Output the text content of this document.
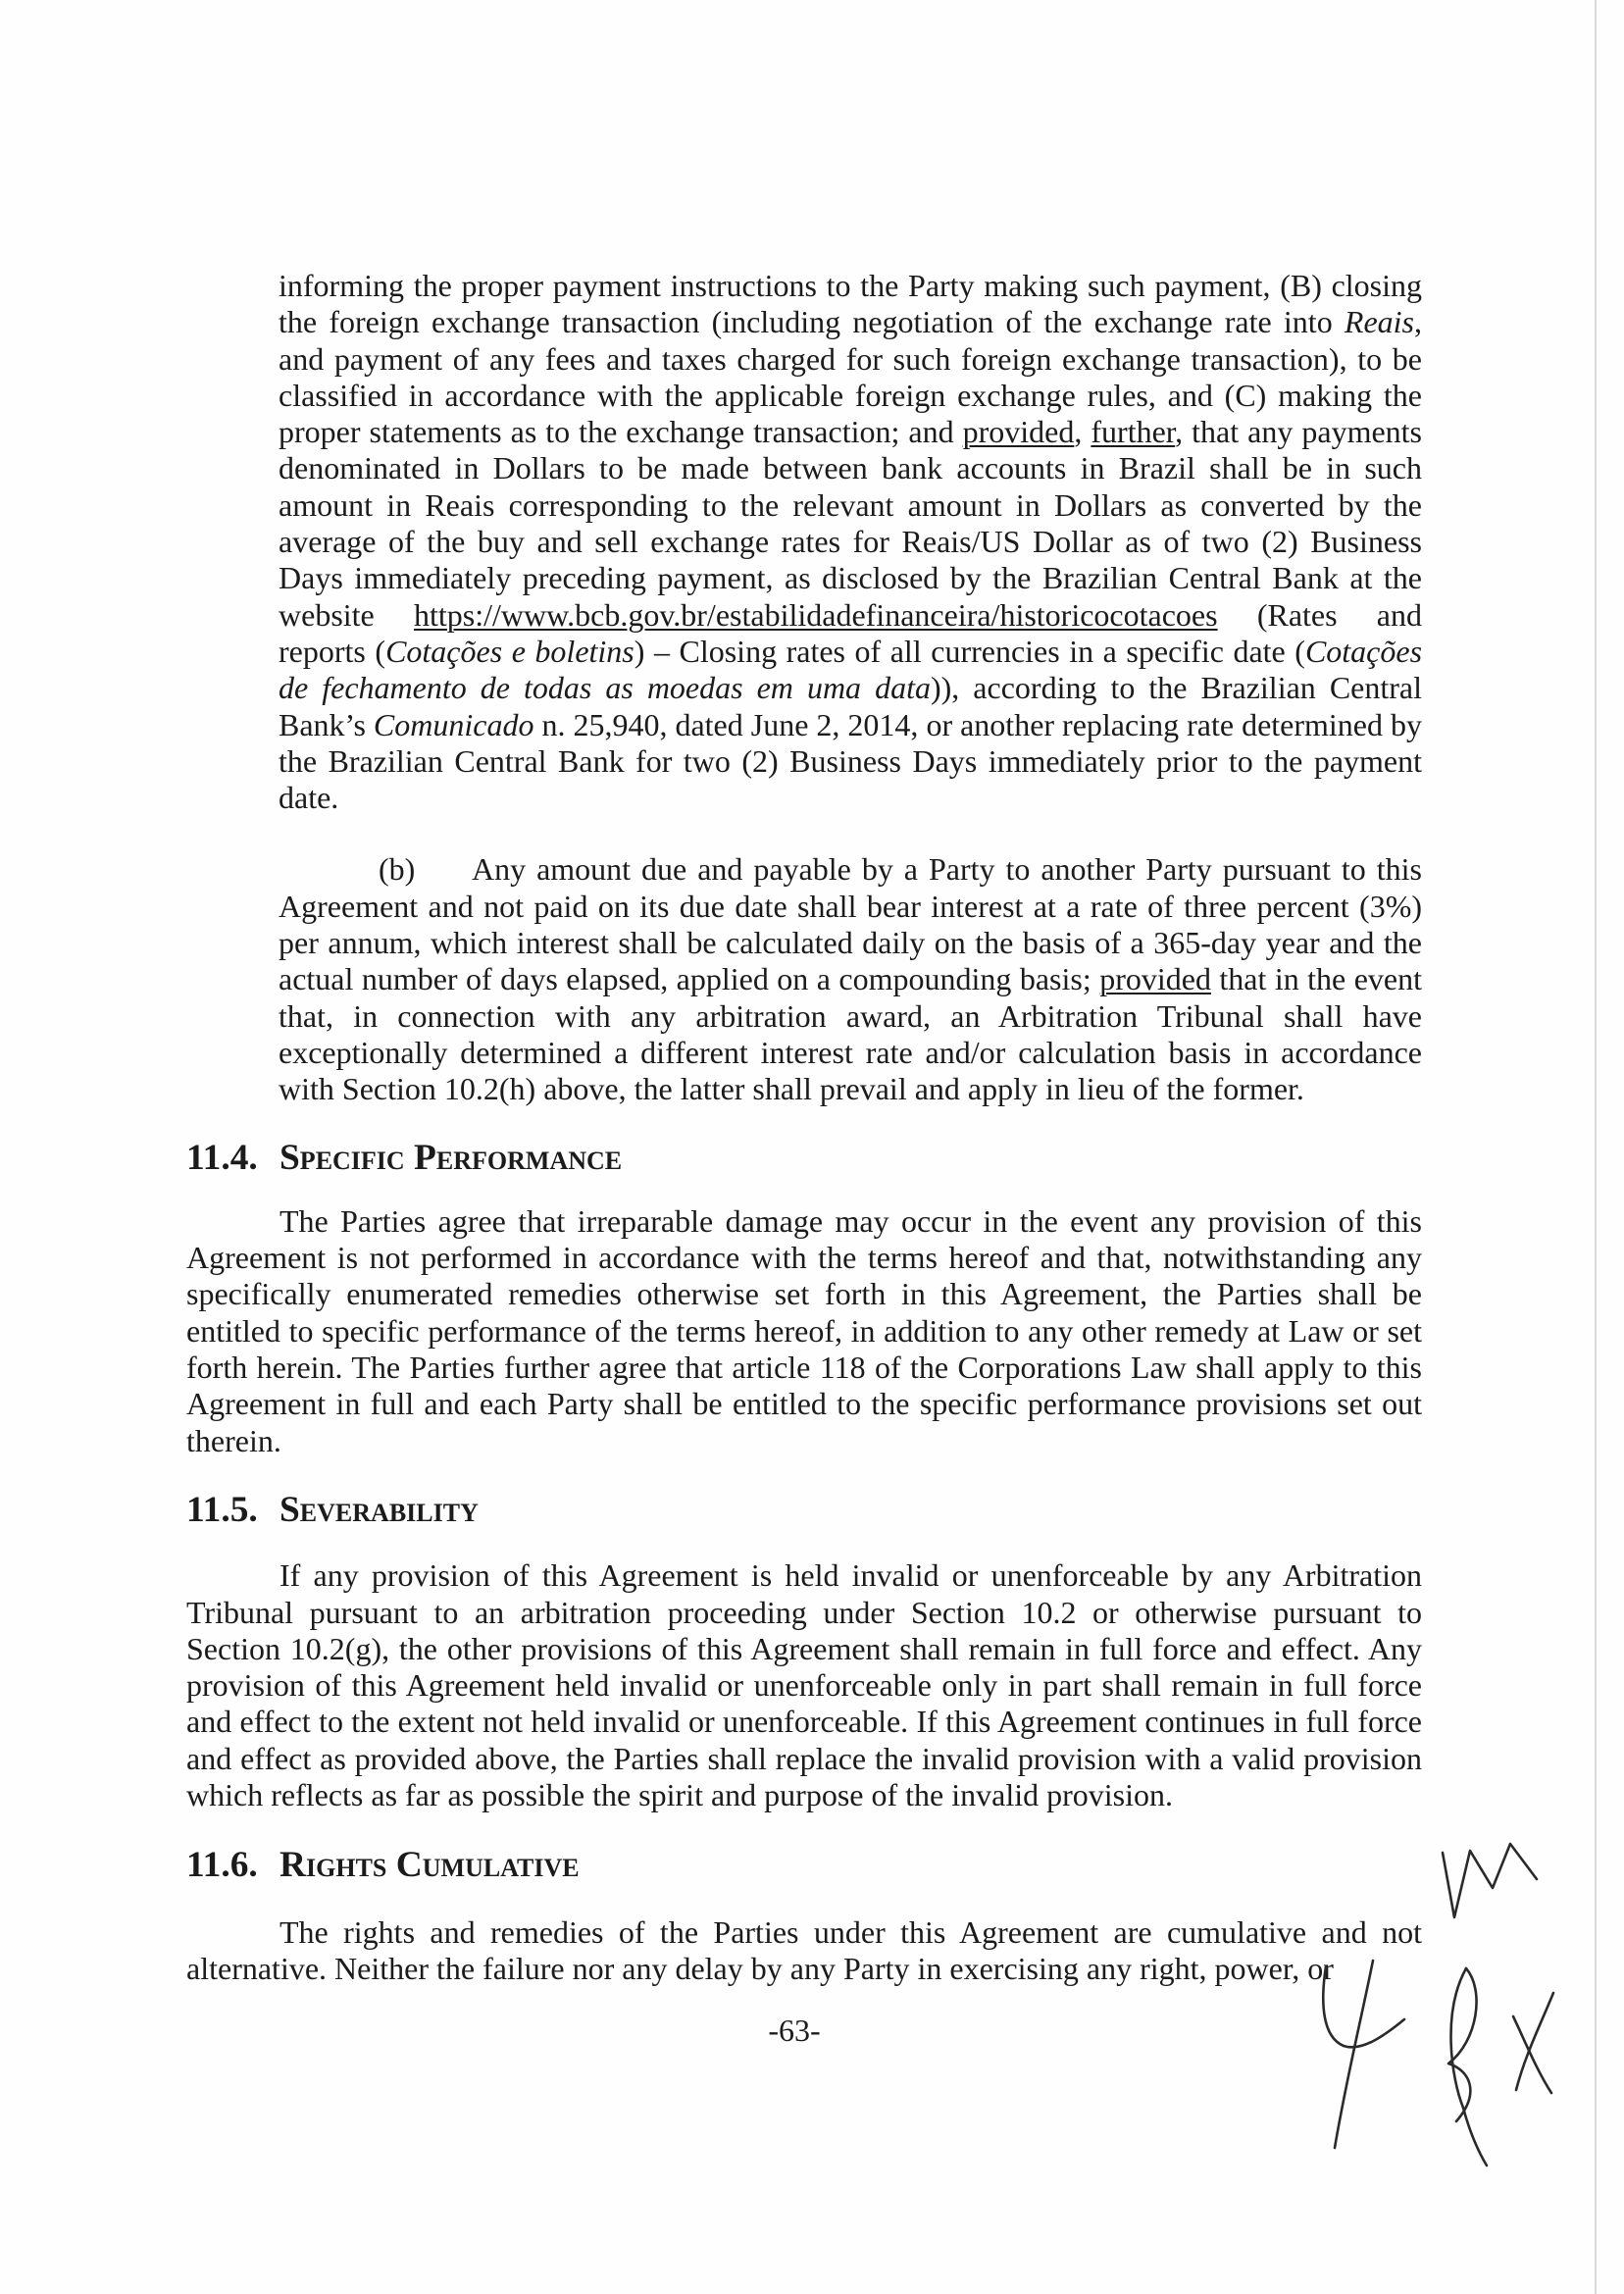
informing the proper payment instructions to the Party making such payment, (B) closing the foreign exchange transaction (including negotiation of the exchange rate into Reais, and payment of any fees and taxes charged for such foreign exchange transaction), to be classified in accordance with the applicable foreign exchange rules, and (C) making the proper statements as to the exchange transaction; and provided, further, that any payments denominated in Dollars to be made between bank accounts in Brazil shall be in such amount in Reais corresponding to the relevant amount in Dollars as converted by the average of the buy and sell exchange rates for Reais/US Dollar as of two (2) Business Days immediately preceding payment, as disclosed by the Brazilian Central Bank at the website https://www.bcb.gov.br/estabilidadefinanceira/historicocotacoes (Rates and reports (Cotações e boletins) – Closing rates of all currencies in a specific date (Cotações de fechamento de todas as moedas em uma data)), according to the Brazilian Central Bank’s Comunicado n. 25,940, dated June 2, 2014, or another replacing rate determined by the Brazilian Central Bank for two (2) Business Days immediately prior to the payment date.

(b) Any amount due and payable by a Party to another Party pursuant to this Agreement and not paid on its due date shall bear interest at a rate of three percent (3%) per annum, which interest shall be calculated daily on the basis of a 365-day year and the actual number of days elapsed, applied on a compounding basis; provided that in the event that, in connection with any arbitration award, an Arbitration Tribunal shall have exceptionally determined a different interest rate and/or calculation basis in accordance with Section 10.2(h) above, the latter shall prevail and apply in lieu of the former.

11.4. Specific Performance

The Parties agree that irreparable damage may occur in the event any provision of this Agreement is not performed in accordance with the terms hereof and that, notwithstanding any specifically enumerated remedies otherwise set forth in this Agreement, the Parties shall be entitled to specific performance of the terms hereof, in addition to any other remedy at Law or set forth herein. The Parties further agree that article 118 of the Corporations Law shall apply to this Agreement in full and each Party shall be entitled to the specific performance provisions set out therein.

11.5. Severability

If any provision of this Agreement is held invalid or unenforceable by any Arbitration Tribunal pursuant to an arbitration proceeding under Section 10.2 or otherwise pursuant to Section 10.2(g), the other provisions of this Agreement shall remain in full force and effect. Any provision of this Agreement held invalid or unenforceable only in part shall remain in full force and effect to the extent not held invalid or unenforceable. If this Agreement continues in full force and effect as provided above, the Parties shall replace the invalid provision with a valid provision which reflects as far as possible the spirit and purpose of the invalid provision.

11.6. Rights Cumulative

The rights and remedies of the Parties under this Agreement are cumulative and not alternative. Neither the failure nor any delay by any Party in exercising any right, power, or

-63-
